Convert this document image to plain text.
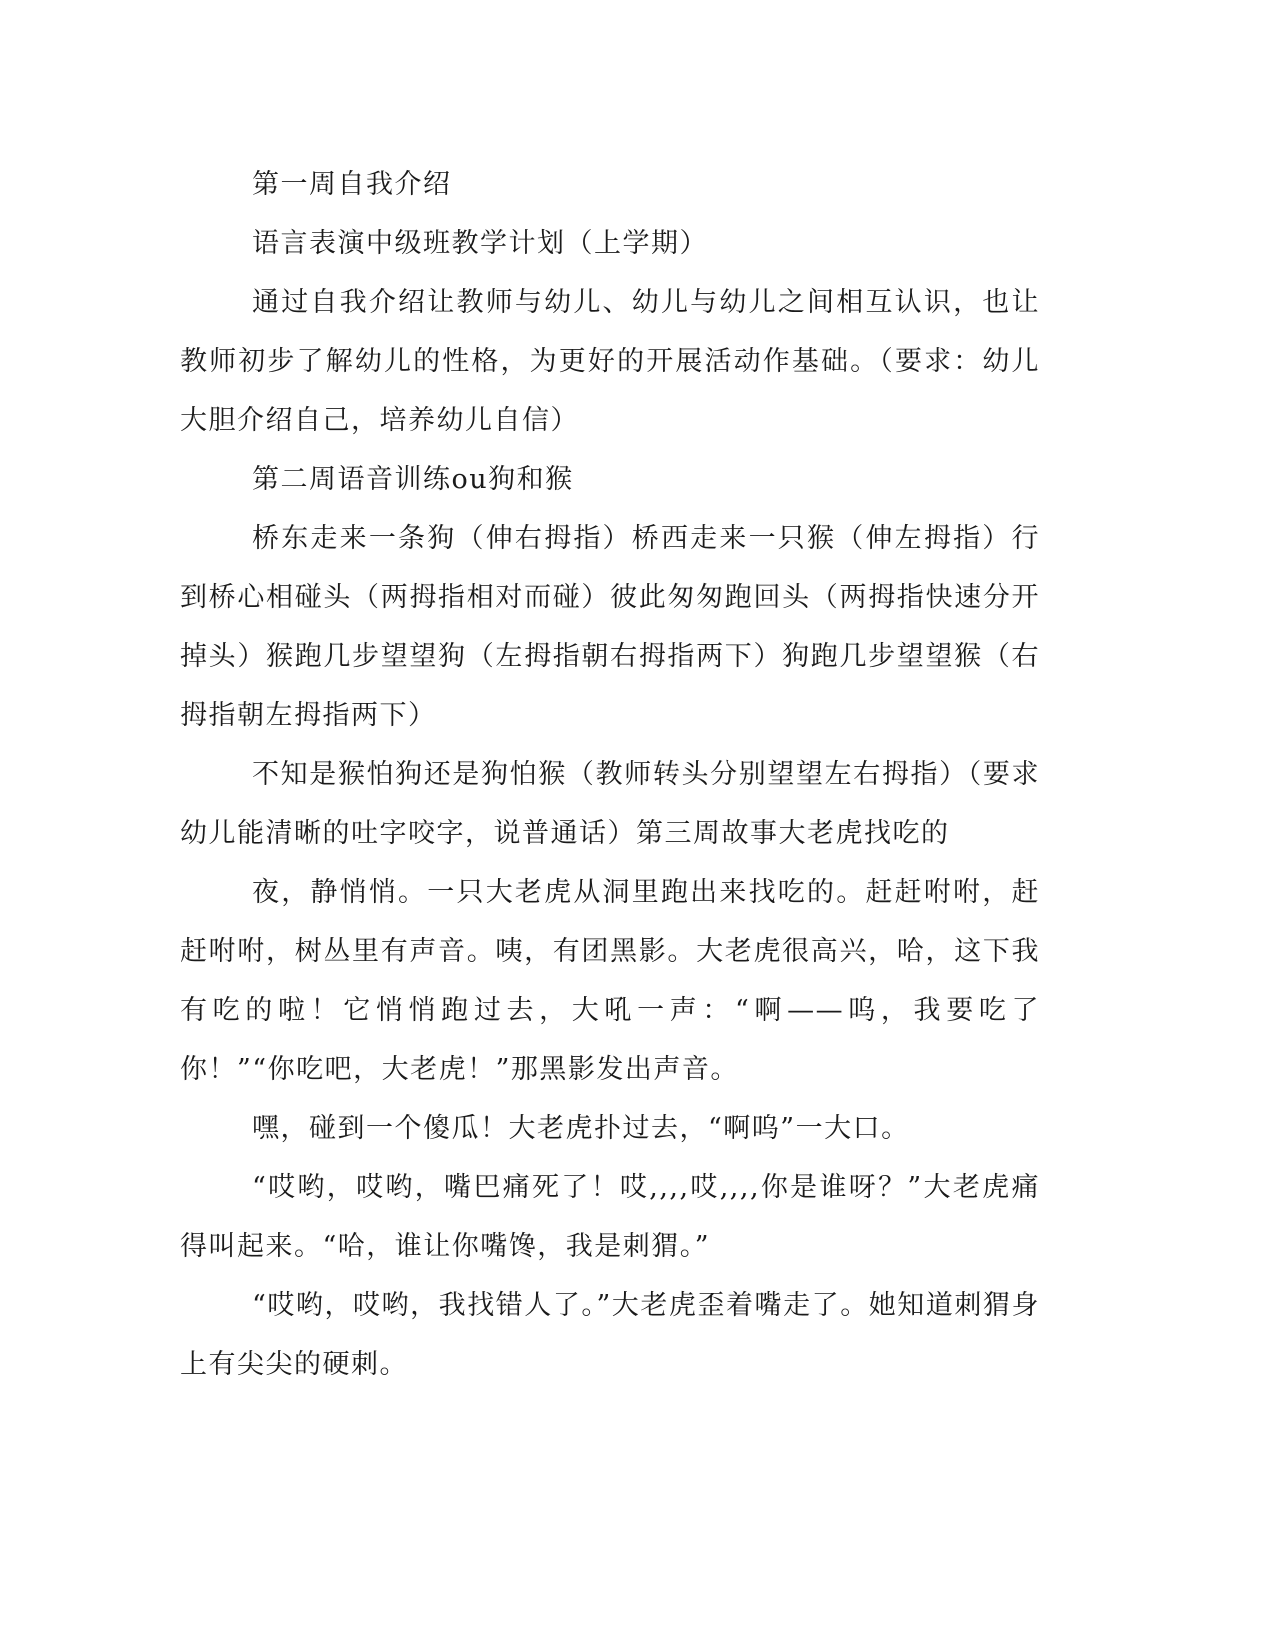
第一周自我介绍

语言表演中级班教学计划（上学期）

通过自我介绍让教师与幼儿、幼儿与幼儿之间相互认识，也让教师初步了解幼儿的性格，为更好的开展活动作基础。（要求：幼儿大胆介绍自己，培养幼儿自信）

第二周语音训练ou狗和猴

桥东走来一条狗（伸右拇指）桥西走来一只猴（伸左拇指）行到桥心相碰头（两拇指相对而碰）彼此匆匆跑回头（两拇指快速分开掉头）猴跑几步望望狗（左拇指朝右拇指两下）狗跑几步望望猴（右拇指朝左拇指两下）

不知是猴怕狗还是狗怕猴（教师转头分别望望左右拇指）（要求幼儿能清晰的吐字咬字，说普通话）第三周故事大老虎找吃的

夜，静悄悄。一只大老虎从洞里跑出来找吃的。赶赶咐咐，赶赶咐咐，树丛里有声音。咦，有团黑影。大老虎很高兴，哈，这下我有吃的啦！它悄悄跑过去，大吼一声：“啊——呜，我要吃了你！”“你吃吧，大老虎！”那黑影发出声音。

嘿，碰到一个傻瓜！大老虎扑过去，“啊呜”一大口。

“哎哟，哎哟，嘴巴痛死了！哎,,,,哎,,,,你是谁呀？”大老虎痛得叫起来。“哈，谁让你嘴馋，我是刺猬。”

“哎哟，哎哟，我找错人了。”大老虎歪着嘴走了。她知道刺猬身上有尖尖的硬刺。
